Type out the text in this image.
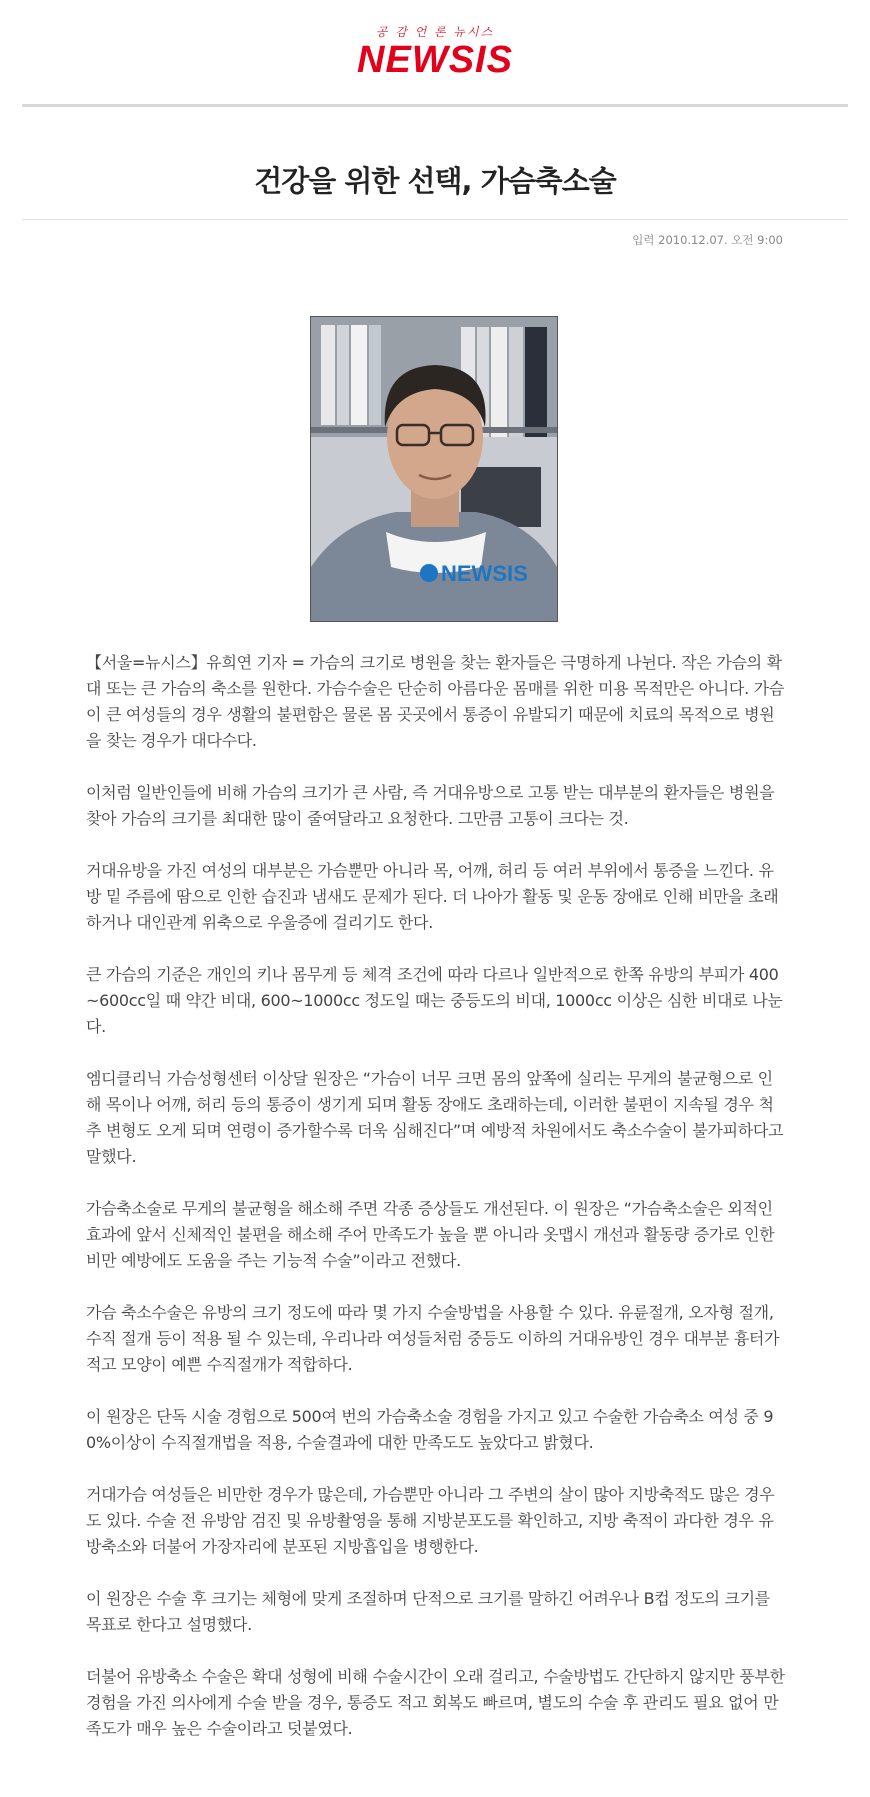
공 감 언 론 뉴시스
NEWSIS
건강을 위한 선택, 가슴축소술
입력 2010.12.07. 오전 9:00
NEWSIS

【서울=뉴시스】유희연 기자 = 가슴의 크기로 병원을 찾는 환자들은 극명하게 나뉜다. 작은 가슴의 확대 또는 큰 가슴의 축소를 원한다. 가슴수술은 단순히 아름다운 몸매를 위한 미용 목적만은 아니다. 가슴이 큰 여성들의 경우 생활의 불편함은 물론 몸 곳곳에서 통증이 유발되기 때문에 치료의 목적으로 병원을 찾는 경우가 대다수다.

이처럼 일반인들에 비해 가슴의 크기가 큰 사람, 즉 거대유방으로 고통 받는 대부분의 환자들은 병원을 찾아 가슴의 크기를 최대한 많이 줄여달라고 요청한다. 그만큼 고통이 크다는 것.

거대유방을 가진 여성의 대부분은 가슴뿐만 아니라 목, 어깨, 허리 등 여러 부위에서 통증을 느낀다. 유방 밑 주름에 땀으로 인한 습진과 냄새도 문제가 된다. 더 나아가 활동 및 운동 장애로 인해 비만을 초래하거나 대인관계 위축으로 우울증에 걸리기도 한다.

큰 가슴의 기준은 개인의 키나 몸무게 등 체격 조건에 따라 다르나 일반적으로 한쪽 유방의 부피가 400~600cc일 때 약간 비대, 600~1000cc 정도일 때는 중등도의 비대, 1000cc 이상은 심한 비대로 나눈다.

엠디클리닉 가슴성형센터 이상달 원장은 “가슴이 너무 크면 몸의 앞쪽에 실리는 무게의 불균형으로 인해 목이나 어깨, 허리 등의 통증이 생기게 되며 활동 장애도 초래하는데, 이러한 불편이 지속될 경우 척추 변형도 오게 되며 연령이 증가할수록 더욱 심해진다”며 예방적 차원에서도 축소수술이 불가피하다고 말했다.

가슴축소술로 무게의 불균형을 해소해 주면 각종 증상들도 개선된다. 이 원장은 “가슴축소술은 외적인 효과에 앞서 신체적인 불편을 해소해 주어 만족도가 높을 뿐 아니라 옷맵시 개선과 활동량 증가로 인한 비만 예방에도 도움을 주는 기능적 수술”이라고 전했다.

가슴 축소수술은 유방의 크기 정도에 따라 몇 가지 수술방법을 사용할 수 있다. 유륜절개, 오자형 절개, 수직 절개 등이 적용 될 수 있는데, 우리나라 여성들처럼 중등도 이하의 거대유방인 경우 대부분 흉터가 적고 모양이 예쁜 수직절개가 적합하다.

이 원장은 단독 시술 경험으로 500여 번의 가슴축소술 경험을 가지고 있고 수술한 가슴축소 여성 중 90%이상이 수직절개법을 적용, 수술결과에 대한 만족도도 높았다고 밝혔다.

거대가슴 여성들은 비만한 경우가 많은데, 가슴뿐만 아니라 그 주변의 살이 많아 지방축적도 많은 경우도 있다. 수술 전 유방암 검진 및 유방촬영을 통해 지방분포도를 확인하고, 지방 축적이 과다한 경우 유방축소와 더불어 가장자리에 분포된 지방흡입을 병행한다.

이 원장은 수술 후 크기는 체형에 맞게 조절하며 단적으로 크기를 말하긴 어려우나 B컵 정도의 크기를 목표로 한다고 설명했다.

더불어 유방축소 수술은 확대 성형에 비해 수술시간이 오래 걸리고, 수술방법도 간단하지 않지만 풍부한 경험을 가진 의사에게 수술 받을 경우, 통증도 적고 회복도 빠르며, 별도의 수술 후 관리도 필요 없어 만족도가 매우 높은 수술이라고 덧붙였다.
